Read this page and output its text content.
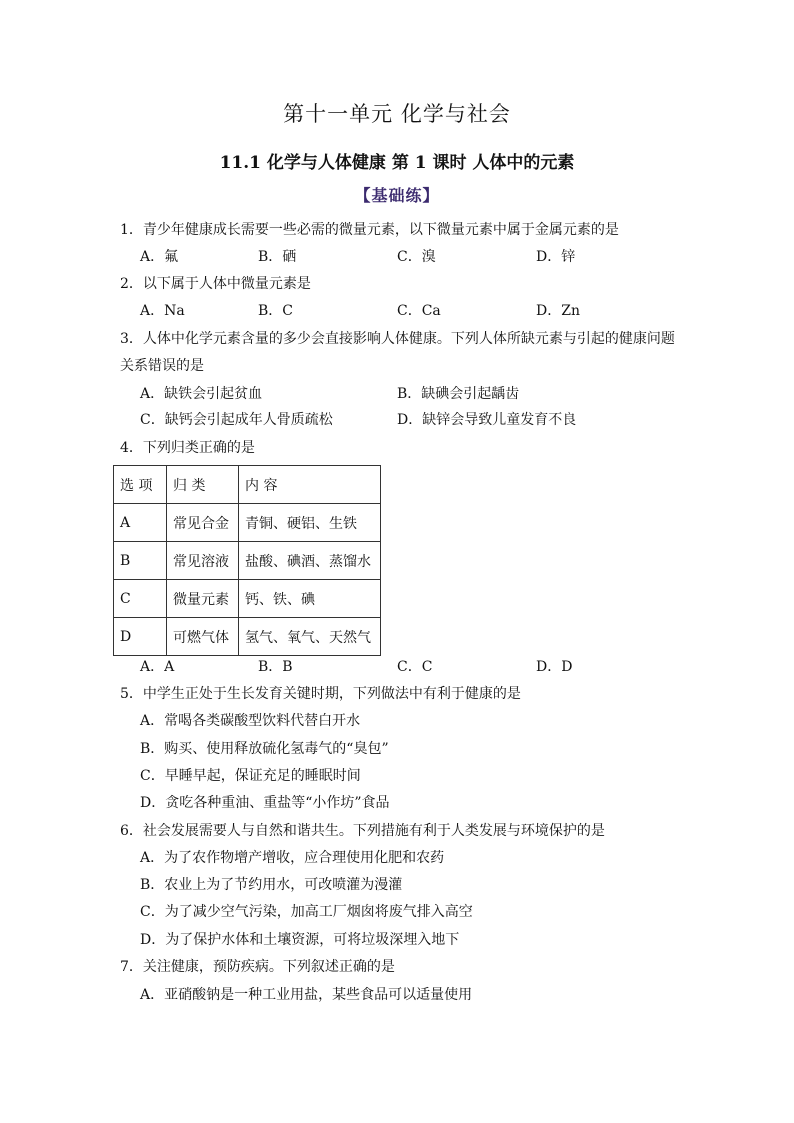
第十一单元 化学与社会
11.1 化学与人体健康 第 1 课时 人体中的元素
【基础练】
1．青少年健康成长需要一些必需的微量元素，以下微量元素中属于金属元素的是
A．氟	B．硒	C．溴	D．锌
2．以下属于人体中微量元素是
A．Na	B．C	C．Ca	D．Zn
3．人体中化学元素含量的多少会直接影响人体健康。下列人体所缺元素与引起的健康问题
关系错误的是
A．缺铁会引起贫血	B．缺碘会引起龋齿
C．缺钙会引起成年人骨质疏松	D．缺锌会导致儿童发育不良
4．下列归类正确的是
选 项	归 类	内 容
A	常见合金	青铜、硬铝、生铁
B	常见溶液	盐酸、碘酒、蒸馏水
C	微量元素	钙、铁、碘
D	可燃气体	氢气、氧气、天然气
A．A	B．B	C．C	D．D
5．中学生正处于生长发育关键时期，下列做法中有利于健康的是
A．常喝各类碳酸型饮料代替白开水
B．购买、使用释放硫化氢毒气的“臭包”
C．早睡早起，保证充足的睡眠时间
D．贪吃各种重油、重盐等“小作坊”食品
6．社会发展需要人与自然和谐共生。下列措施有利于人类发展与环境保护的是
A．为了农作物增产增收，应合理使用化肥和农药
B．农业上为了节约用水，可改喷灌为漫灌
C．为了减少空气污染，加高工厂烟囱将废气排入高空
D．为了保护水体和土壤资源，可将垃圾深埋入地下
7．关注健康，预防疾病。下列叙述正确的是
A．亚硝酸钠是一种工业用盐，某些食品可以适量使用
